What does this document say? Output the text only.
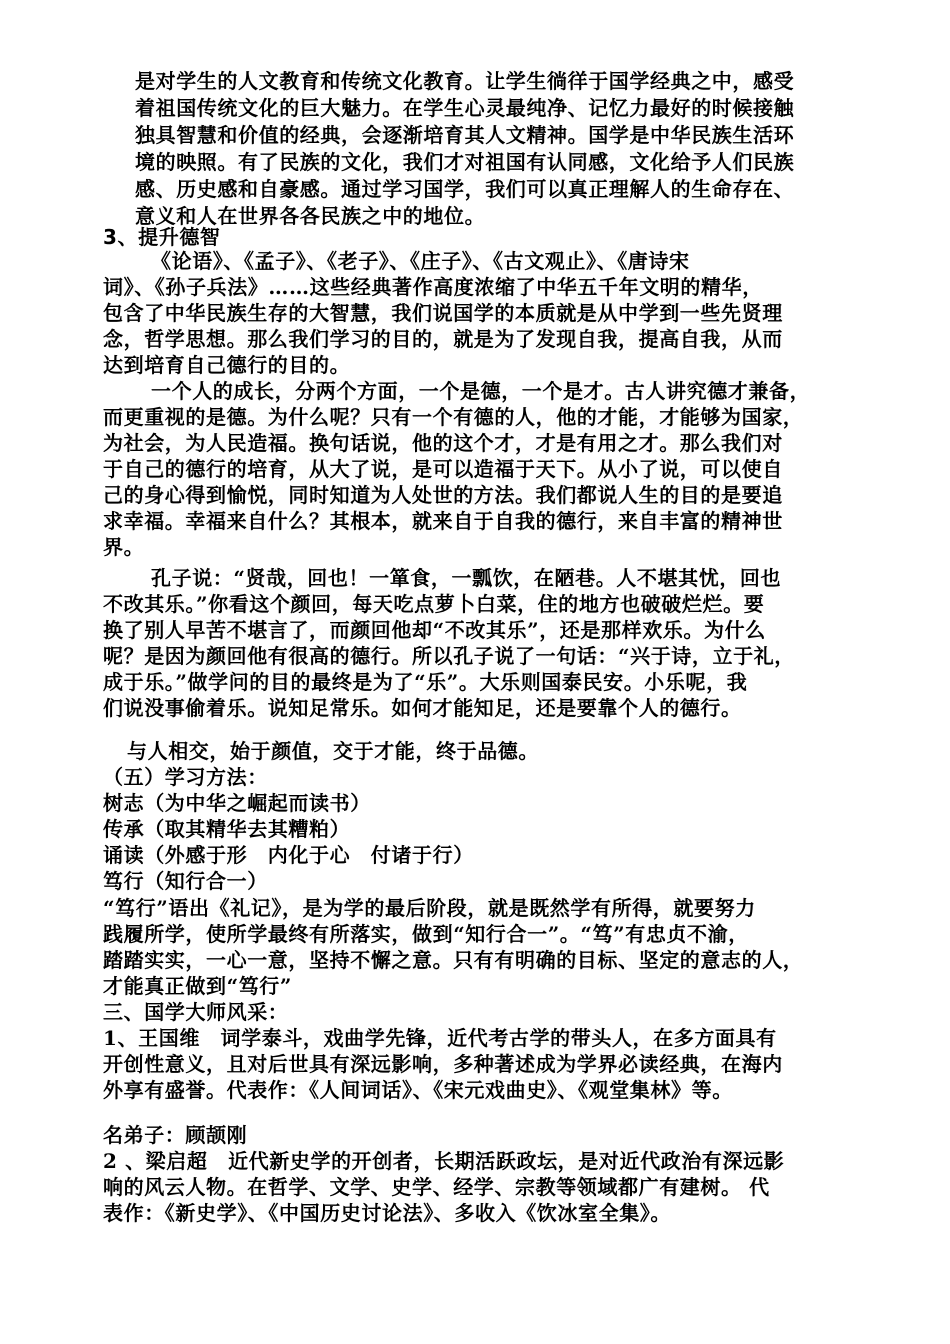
是对学生的人文教育和传统文化教育。让学生徜徉于国学经典之中，感受
着祖国传统文化的巨大魅力。在学生心灵最纯净、记忆力最好的时候接触
独具智慧和价值的经典，会逐渐培育其人文精神。国学是中华民族生活环
境的映照。有了民族的文化，我们才对祖国有认同感，文化给予人们民族
感、历史感和自豪感。通过学习国学，我们可以真正理解人的生命存在、
意义和人在世界各各民族之中的地位。
3、提升德智
《论语》、《孟子》、《老子》、《庄子》、《古文观止》、《唐诗宋
词》、《孙子兵法》……这些经典著作高度浓缩了中华五千年文明的精华，
包含了中华民族生存的大智慧，我们说国学的本质就是从中学到一些先贤理
念，哲学思想。那么我们学习的目的，就是为了发现自我，提高自我，从而
达到培育自己德行的目的。
一个人的成长，分两个方面，一个是德，一个是才。古人讲究德才兼备，
而更重视的是德。为什么呢？只有一个有德的人，他的才能，才能够为国家，
为社会，为人民造福。换句话说，他的这个才，才是有用之才。那么我们对
于自己的德行的培育，从大了说，是可以造福于天下。从小了说，可以使自
己的身心得到愉悦，同时知道为人处世的方法。我们都说人生的目的是要追
求幸福。幸福来自什么？其根本，就来自于自我的德行，来自丰富的精神世
界。
孔子说：“贤哉，回也！一箪食，一瓢饮，在陋巷。人不堪其忧，回也
不改其乐。”你看这个颜回，每天吃点萝卜白菜，住的地方也破破烂烂。要
换了别人早苦不堪言了，而颜回他却“不改其乐”，还是那样欢乐。为什么
呢？是因为颜回他有很高的德行。所以孔子说了一句话：“兴于诗，立于礼，
成于乐。”做学问的目的最终是为了“乐”。大乐则国泰民安。小乐呢，我
们说没事偷着乐。说知足常乐。如何才能知足，还是要靠个人的德行。
与人相交，始于颜值，交于才能，终于品德。
（五）学习方法：
树志（为中华之崛起而读书）
传承（取其精华去其糟粕）
诵读（外感于形　内化于心　付诸于行）
笃行（知行合一）
“笃行”语出《礼记》，是为学的最后阶段，就是既然学有所得，就要努力
践履所学，使所学最终有所落实，做到“知行合一”。“笃”有忠贞不渝，
踏踏实实，一心一意，坚持不懈之意。只有有明确的目标、坚定的意志的人，
才能真正做到“笃行”
三、国学大师风采：
1、王国维　词学泰斗，戏曲学先锋，近代考古学的带头人，在多方面具有
开创性意义，且对后世具有深远影响，多种著述成为学界必读经典，在海内
外享有盛誉。代表作：《人间词话》、《宋元戏曲史》、《观堂集林》等。
名弟子：顾颉刚
2 、梁启超　近代新史学的开创者，长期活跃政坛，是对近代政治有深远影
响的风云人物。在哲学、文学、史学、经学、宗教等领域都广有建树。 代
表作：《新史学》、《中国历史讨论法》、多收入《饮冰室全集》。
